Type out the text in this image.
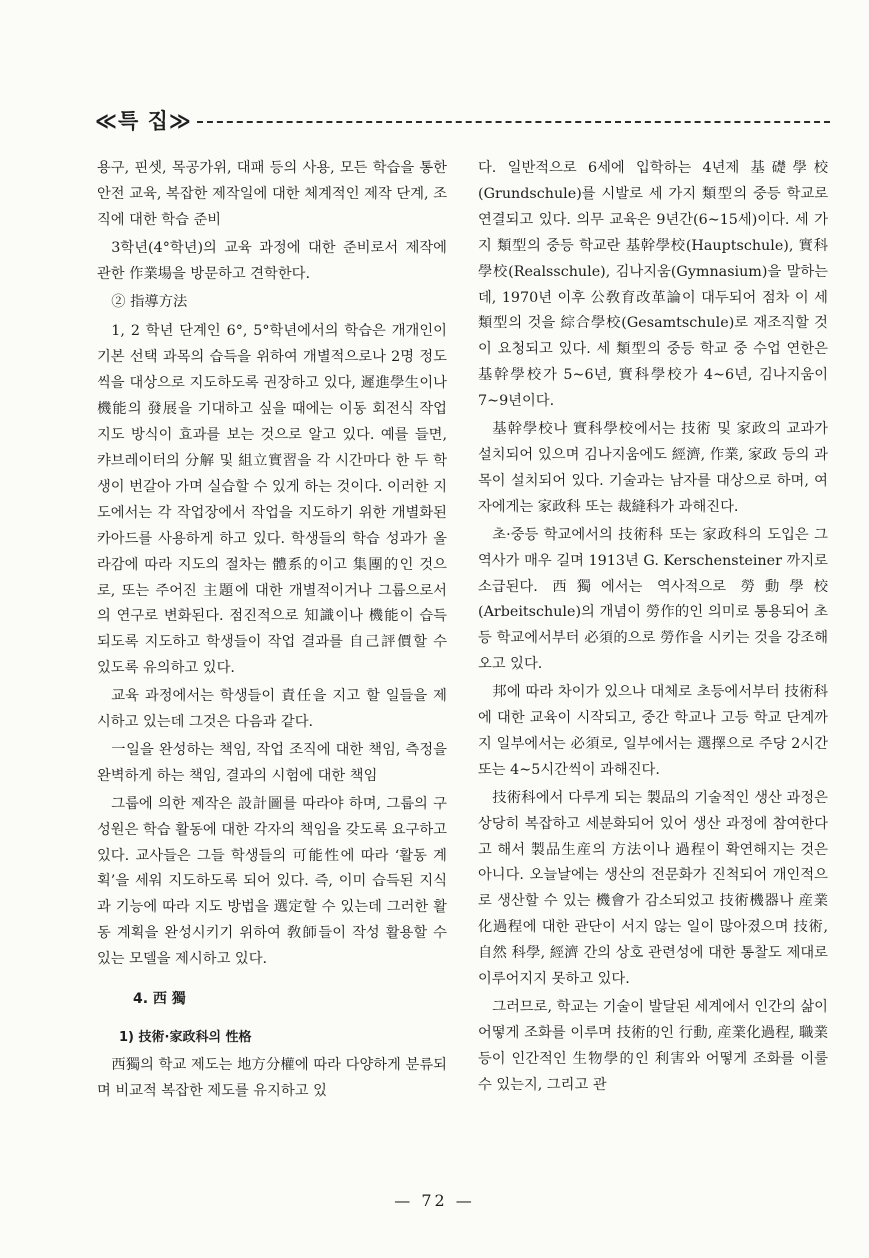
≪특 집≫

용구, 핀셋, 목공가위, 대패 등의 사용, 모든 학습을 통한 안전 교육, 복잡한 제작일에 대한 체계적인 제작 단계, 조직에 대한 학습 준비

3학년(4°학년)의 교육 과정에 대한 준비로서 제작에 관한 作業場을 방문하고 견학한다.

② 指導方法

1, 2 학년 단계인 6°, 5°학년에서의 학습은 개개인이 기본 선택 과목의 습득을 위하여 개별적으로나 2명 정도씩을 대상으로 지도하도록 권장하고 있다, 遲進學生이나 機能의 發展을 기대하고 싶을 때에는 이동 회전식 작업 지도 방식이 효과를 보는 것으로 알고 있다. 예를 들면, 캬브레이터의 分解 및 組立實習을 각 시간마다 한 두 학생이 번갈아 가며 실습할 수 있게 하는 것이다. 이러한 지도에서는 각 작업장에서 작업을 지도하기 위한 개별화된 카아드를 사용하게 하고 있다. 학생들의 학습 성과가 올라감에 따라 지도의 절차는 體系的이고 集團的인 것으로, 또는 주어진 主題에 대한 개별적이거나 그룹으로서의 연구로 변화된다. 점진적으로 知識이나 機能이 습득되도록 지도하고 학생들이 작업 결과를 自己評價할 수 있도록 유의하고 있다.

교육 과정에서는 학생들이 責任을 지고 할 일들을 제시하고 있는데 그것은 다음과 같다.

一일을 완성하는 책임, 작업 조직에 대한 책임, 측정을 완벽하게 하는 책임, 결과의 시험에 대한 책임

그룹에 의한 제작은 設計圖를 따라야 하며, 그룹의 구성원은 학습 활동에 대한 각자의 책임을 갖도록 요구하고 있다. 교사들은 그들 학생들의 可能性에 따라 ‘활동 계획’을 세워 지도하도록 되어 있다. 즉, 이미 습득된 지식과 기능에 따라 지도 방법을 選定할 수 있는데 그러한 활동 계획을 완성시키기 위하여 敎師들이 작성 활용할 수 있는 모델을 제시하고 있다.

4. 西 獨
1) 技術·家政科의 性格

西獨의 학교 제도는 地方分權에 따라 다양하게 분류되며 비교적 복잡한 제도를 유지하고 있

다. 일반적으로 6세에 입학하는 4년제 基礎學校(Grundschule)를 시발로 세 가지 類型의 중등 학교로 연결되고 있다. 의무 교육은 9년간(6∼15세)이다. 세 가지 類型의 중등 학교란 基幹學校(Hauptschule), 實科學校(Realsschule), 김나지움(Gymnasium)을 말하는데, 1970년 이후 公敎育改革論이 대두되어 점차 이 세 類型의 것을 綜合學校(Gesamtschule)로 재조직할 것이 요청되고 있다. 세 類型의 중등 학교 중 수업 연한은 基幹學校가 5∼6년, 實科學校가 4∼6년, 김나지움이 7∼9년이다.

基幹學校나 實科學校에서는 技術 및 家政의 교과가 설치되어 있으며 김나지움에도 經濟, 作業, 家政 등의 과목이 설치되어 있다. 기술과는 남자를 대상으로 하며, 여자에게는 家政科 또는 裁縫科가 과해진다.

초·중등 학교에서의 技術科 또는 家政科의 도입은 그 역사가 매우 길며 1913년 G. Kerschensteiner 까지로 소급된다. 西獨에서는 역사적으로 勞動學校(Arbeitschule)의 개념이 勞作的인 의미로 통용되어 초등 학교에서부터 必須的으로 勞作을 시키는 것을 강조해 오고 있다.

邦에 따라 차이가 있으나 대체로 초등에서부터 技術科에 대한 교육이 시작되고, 중간 학교나 고등 학교 단계까지 일부에서는 必須로, 일부에서는 選擇으로 주당 2시간 또는 4∼5시간씩이 과해진다.

技術科에서 다루게 되는 製品의 기술적인 생산 과정은 상당히 복잡하고 세분화되어 있어 생산 과정에 참여한다고 해서 製品生産의 方法이나 過程이 확연해지는 것은 아니다. 오늘날에는 생산의 전문화가 진척되어 개인적으로 생산할 수 있는 機會가 감소되었고 技術機器나 産業化過程에 대한 관단이 서지 않는 일이 많아졌으며 技術, 自然 科學, 經濟 간의 상호 관련성에 대한 통찰도 제대로 이루어지지 못하고 있다.

그러므로, 학교는 기술이 발달된 세계에서 인간의 삶이 어떻게 조화를 이루며 技術的인 行動, 産業化過程, 職業 등이 인간적인 生物學的인 利害와 어떻게 조화를 이룰 수 있는지, 그리고 관

— 72 —
